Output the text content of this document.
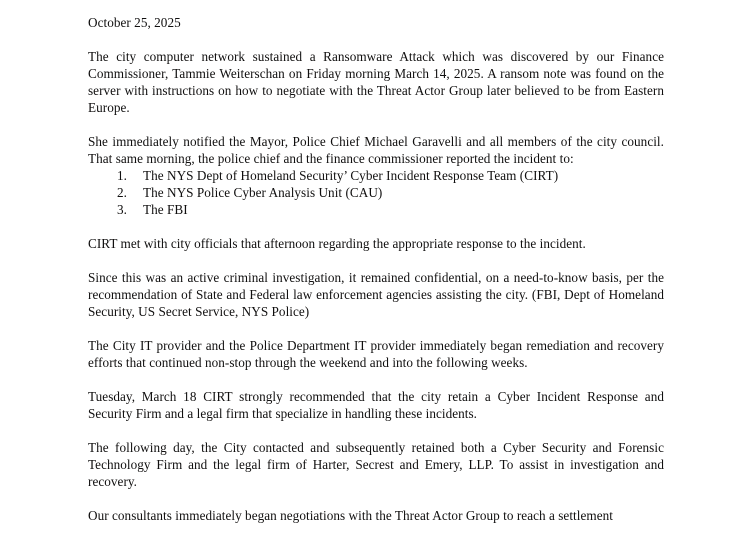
October 25, 2025

The city computer network sustained a Ransomware Attack which was discovered by our Finance Commissioner, Tammie Weiterschan on Friday morning March 14, 2025. A ransom note was found on the server with instructions on how to negotiate with the Threat Actor Group later believed to be from Eastern Europe.

She immediately notified the Mayor, Police Chief Michael Garavelli and all members of the city council. That same morning, the police chief and the finance commissioner reported the incident to:

The NYS Dept of Homeland Security’ Cyber Incident Response Team (CIRT)
The NYS Police Cyber Analysis Unit (CAU)
The FBI

CIRT met with city officials that afternoon regarding the appropriate response to the incident.

Since this was an active criminal investigation, it remained confidential, on a need-to-know basis, per the recommendation of State and Federal law enforcement agencies assisting the city. (FBI, Dept of Homeland Security, US Secret Service, NYS Police)

The City IT provider and the Police Department IT provider immediately began remediation and recovery efforts that continued non-stop through the weekend and into the following weeks.

Tuesday, March 18 CIRT strongly recommended that the city retain a Cyber Incident Response and Security Firm and a legal firm that specialize in handling these incidents.

The following day, the City contacted and subsequently retained both a Cyber Security and Forensic Technology Firm and the legal firm of Harter, Secrest and Emery, LLP. To assist in investigation and recovery.

Our consultants immediately began negotiations with the Threat Actor Group to reach a settlement
